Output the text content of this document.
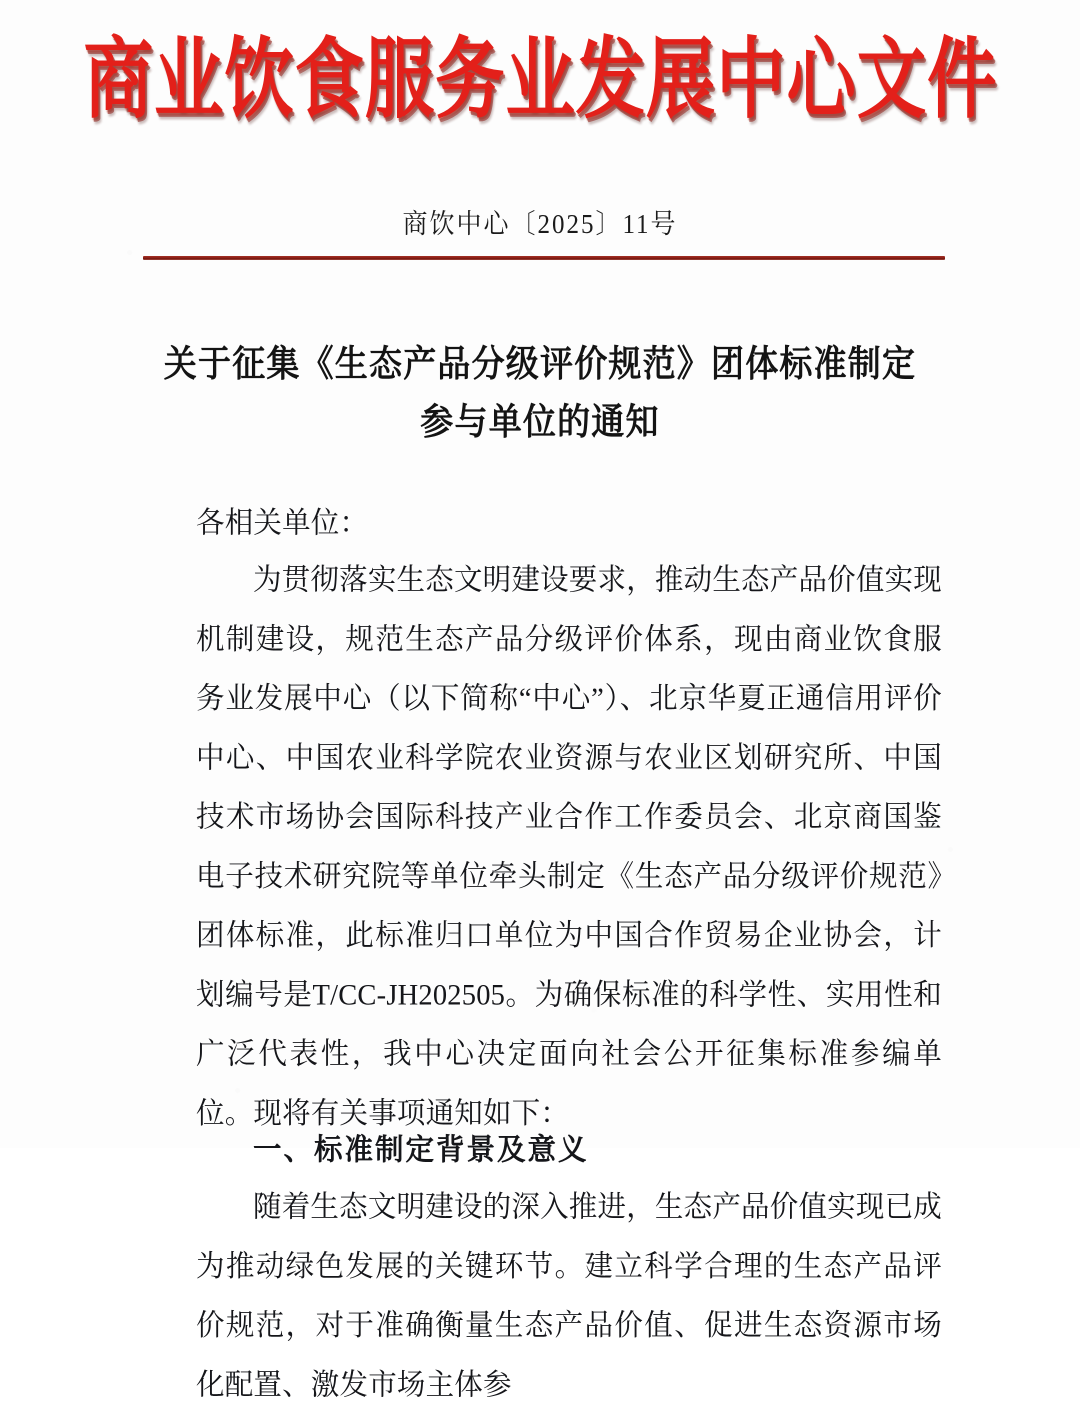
商业饮食服务业发展中心文件
商饮中心〔2025〕11号
关于征集《生态产品分级评价规范》团体标准制定
参与单位的通知

各相关单位：

为贯彻落实生态文明建设要求，推动生态产品价值实现机制建设，规范生态产品分级评价体系，现由商业饮食服务业发展中心（以下简称“中心”）、北京华夏正通信用评价中心、中国农业科学院农业资源与农业区划研究所、中国技术市场协会国际科技产业合作工作委员会、北京商国鉴电子技术研究院等单位牵头制定《生态产品分级评价规范》团体标准，此标准归口单位为中国合作贸易企业协会，计划编号是T/CC-JH202505。为确保标准的科学性、实用性和广泛代表性，我中心决定面向社会公开征集标准参编单位。现将有关事项通知如下：

一、标准制定背景及意义

随着生态文明建设的深入推进，生态产品价值实现已成为推动绿色发展的关键环节。建立科学合理的生态产品评价规范，对于准确衡量生态产品价值、促进生态资源市场化配置、激发市场主体参
